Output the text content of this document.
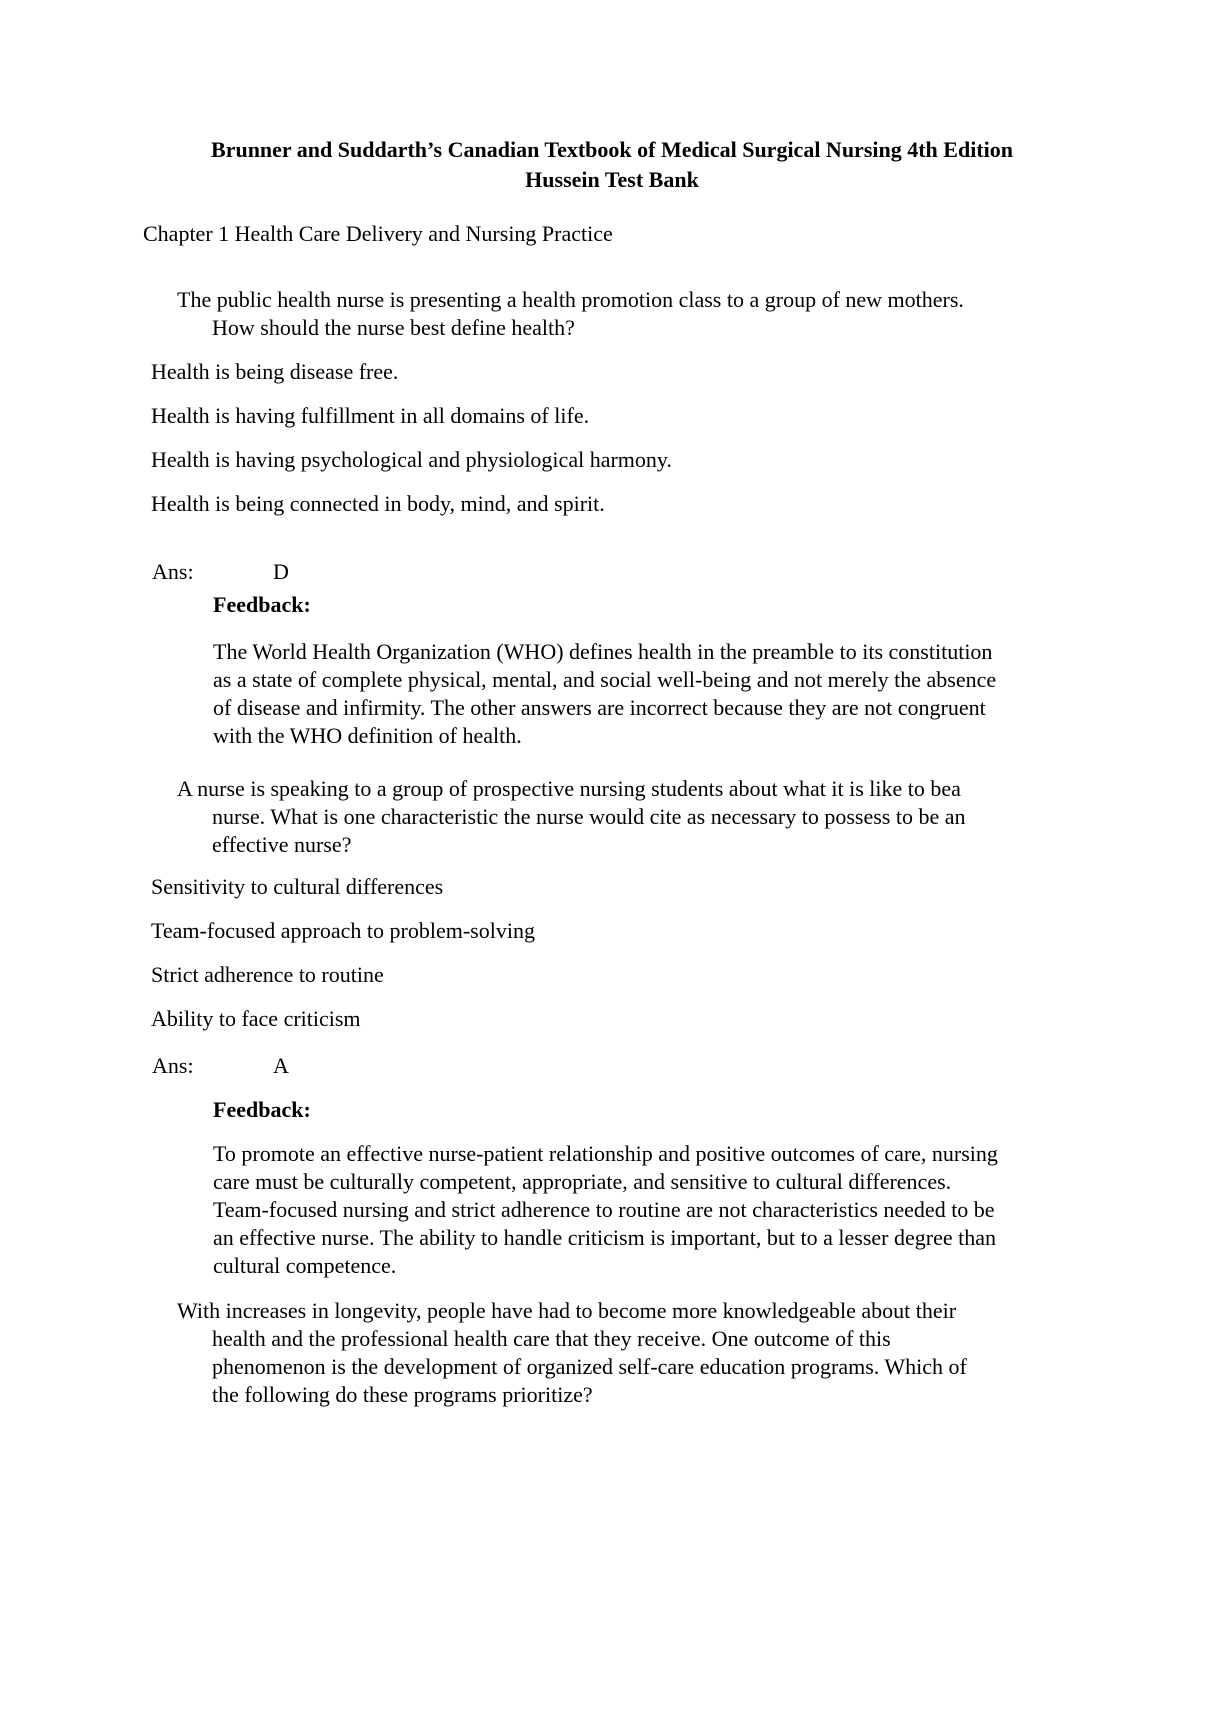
Brunner and Suddarth’s Canadian Textbook of Medical Surgical Nursing 4th Edition
Hussein Test Bank
Chapter 1 Health Care Delivery and Nursing Practice
The public health nurse is presenting a health promotion class to a group of new mothers.
How should the nurse best define health?
Health is being disease free.
Health is having fulfillment in all domains of life.
Health is having psychological and physiological harmony.
Health is being connected in body, mind, and spirit.
Ans:	D
Feedback:
The World Health Organization (WHO) defines health in the preamble to its constitution
as a state of complete physical, mental, and social well-being and not merely the absence
of disease and infirmity. The other answers are incorrect because they are not congruent
with the WHO definition of health.
A nurse is speaking to a group of prospective nursing students about what it is like to bea
nurse. What is one characteristic the nurse would cite as necessary to possess to be an
effective nurse?
Sensitivity to cultural differences
Team-focused approach to problem-solving
Strict adherence to routine
Ability to face criticism
Ans:	A
Feedback:
To promote an effective nurse-patient relationship and positive outcomes of care, nursing
care must be culturally competent, appropriate, and sensitive to cultural differences.
Team-focused nursing and strict adherence to routine are not characteristics needed to be
an effective nurse. The ability to handle criticism is important, but to a lesser degree than
cultural competence.
With increases in longevity, people have had to become more knowledgeable about their
health and the professional health care that they receive. One outcome of this
phenomenon is the development of organized self-care education programs. Which of
the following do these programs prioritize?
